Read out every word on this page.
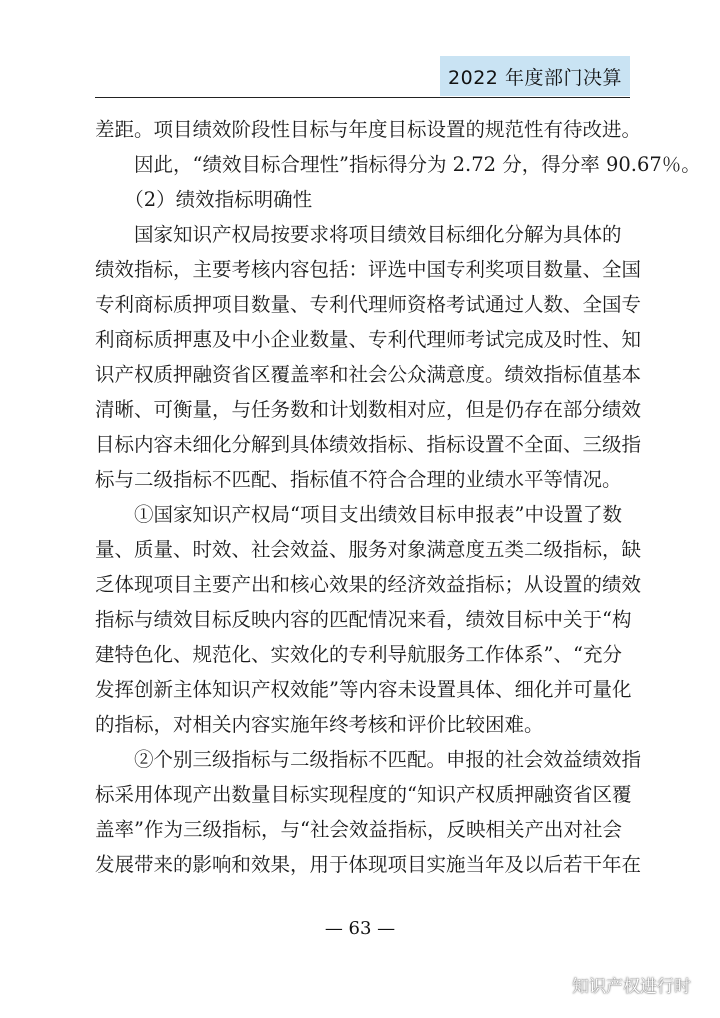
2022 年度部门决算
差距。项目绩效阶段性目标与年度目标设置的规范性有待改进。
　　因此，“绩效目标合理性”指标得分为 2.72 分，得分率 90.67％。
　　（2）绩效指标明确性
　　国家知识产权局按要求将项目绩效目标细化分解为具体的
绩效指标，主要考核内容包括：评选中国专利奖项目数量、全国
专利商标质押项目数量、专利代理师资格考试通过人数、全国专
利商标质押惠及中小企业数量、专利代理师考试完成及时性、知
识产权质押融资省区覆盖率和社会公众满意度。绩效指标值基本
清晰、可衡量，与任务数和计划数相对应，但是仍存在部分绩效
目标内容未细化分解到具体绩效指标、指标设置不全面、三级指
标与二级指标不匹配、指标值不符合合理的业绩水平等情况。
　　①国家知识产权局“项目支出绩效目标申报表”中设置了数
量、质量、时效、社会效益、服务对象满意度五类二级指标，缺
乏体现项目主要产出和核心效果的经济效益指标；从设置的绩效
指标与绩效目标反映内容的匹配情况来看，绩效目标中关于“构
建特色化、规范化、实效化的专利导航服务工作体系”、“充分
发挥创新主体知识产权效能”等内容未设置具体、细化并可量化
的指标，对相关内容实施年终考核和评价比较困难。
　　②个别三级指标与二级指标不匹配。申报的社会效益绩效指
标采用体现产出数量目标实现程度的“知识产权质押融资省区覆
盖率”作为三级指标，与“社会效益指标，反映相关产出对社会
发展带来的影响和效果，用于体现项目实施当年及以后若干年在
— 63 —
知识产权进行时
